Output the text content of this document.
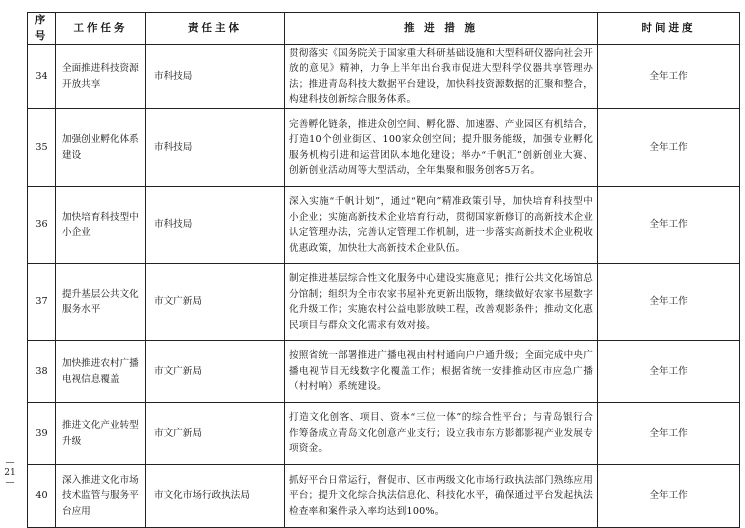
— 21 —
序号	工作任务	责任主体	推 进 措 施	时间进度
34	全面推进科技资源开放共享	市科技局	贯彻落实《国务院关于国家重大科研基础设施和大型科研仪器向社会开放的意见》精神，力争上半年出台我市促进大型科学仪器共享管理办法；推进青岛科技大数据平台建设，加快科技资源数据的汇聚和整合，构建科技创新综合服务体系。	全年工作
35	加强创业孵化体系建设	市科技局	完善孵化链条，推进众创空间、孵化器、加速器、产业园区有机结合，打造10个创业街区、100家众创空间；提升服务能级，加强专业孵化服务机构引进和运营团队本地化建设；举办“千帆汇”创新创业大赛、创新创业活动周等大型活动，全年集聚和服务创客5万名。	全年工作
36	加快培育科技型中小企业	市科技局	深入实施“千帆计划”，通过“靶向”精准政策引导，加快培育科技型中小企业；实施高新技术企业培育行动，贯彻国家新修订的高新技术企业认定管理办法，完善认定管理工作机制，进一步落实高新技术企业税收优惠政策，加快壮大高新技术企业队伍。	全年工作
37	提升基层公共文化服务水平	市文广新局	制定推进基层综合性文化服务中心建设实施意见；推行公共文化场馆总分馆制；组织为全市农家书屋补充更新出版物，继续做好农家书屋数字化升级工作；实施农村公益电影放映工程，改善观影条件；推动文化惠民项目与群众文化需求有效对接。	全年工作
38	加快推进农村广播电视信息覆盖	市文广新局	按照省统一部署推进广播电视由村村通向户户通升级；全面完成中央广播电视节目无线数字化覆盖工作；根据省统一安排推动区市应急广播（村村响）系统建设。	全年工作
39	推进文化产业转型升级	市文广新局	打造文化创客、项目、资本“三位一体”的综合性平台；与青岛银行合作筹备成立青岛文化创意产业支行；设立我市东方影都影视产业发展专项资金。	全年工作
40	深入推进文化市场技术监管与服务平台应用	市文化市场行政执法局	抓好平台日常运行，督促市、区市两级文化市场行政执法部门熟练应用平台；提升文化综合执法信息化、科技化水平，确保通过平台发起执法检查率和案件录入率均达到100%。	全年工作
